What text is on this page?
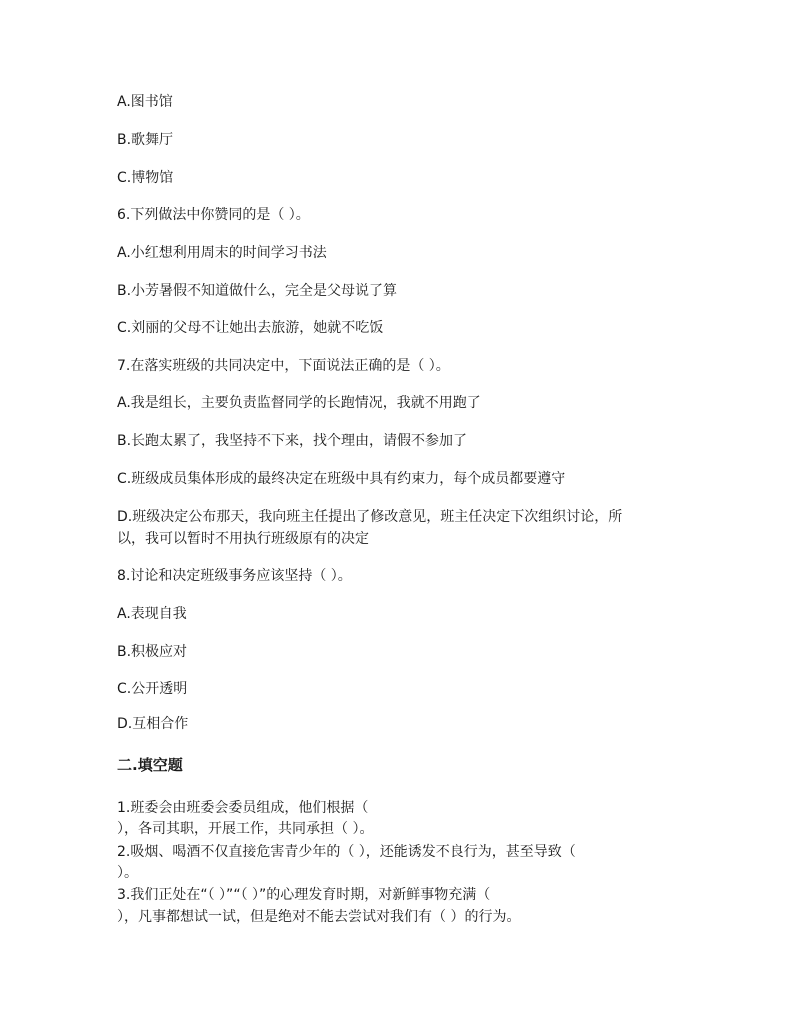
A.图书馆
B.歌舞厅
C.博物馆
6.下列做法中你赞同的是（ ）。
A.小红想利用周末的时间学习书法
B.小芳暑假不知道做什么，完全是父母说了算
C.刘丽的父母不让她出去旅游，她就不吃饭
7.在落实班级的共同决定中，下面说法正确的是（ ）。
A.我是组长，主要负责监督同学的长跑情况，我就不用跑了
B.长跑太累了，我坚持不下来，找个理由，请假不参加了
C.班级成员集体形成的最终决定在班级中具有约束力，每个成员都要遵守
D.班级决定公布那天，我向班主任提出了修改意见，班主任决定下次组织讨论，所
以，我可以暂时不用执行班级原有的决定
8.讨论和决定班级事务应该坚持（ ）。
A.表现自我
B.积极应对
C.公开透明
D.互相合作
二.填空题
1.班委会由班委会委员组成，他们根据（
），各司其职，开展工作，共同承担（ ）。
2.吸烟、喝酒不仅直接危害青少年的（ ），还能诱发不良行为，甚至导致（
）。
3.我们正处在“（ ）”“（ ）”的心理发育时期，对新鲜事物充满（
），凡事都想试一试，但是绝对不能去尝试对我们有（ ）的行为。
